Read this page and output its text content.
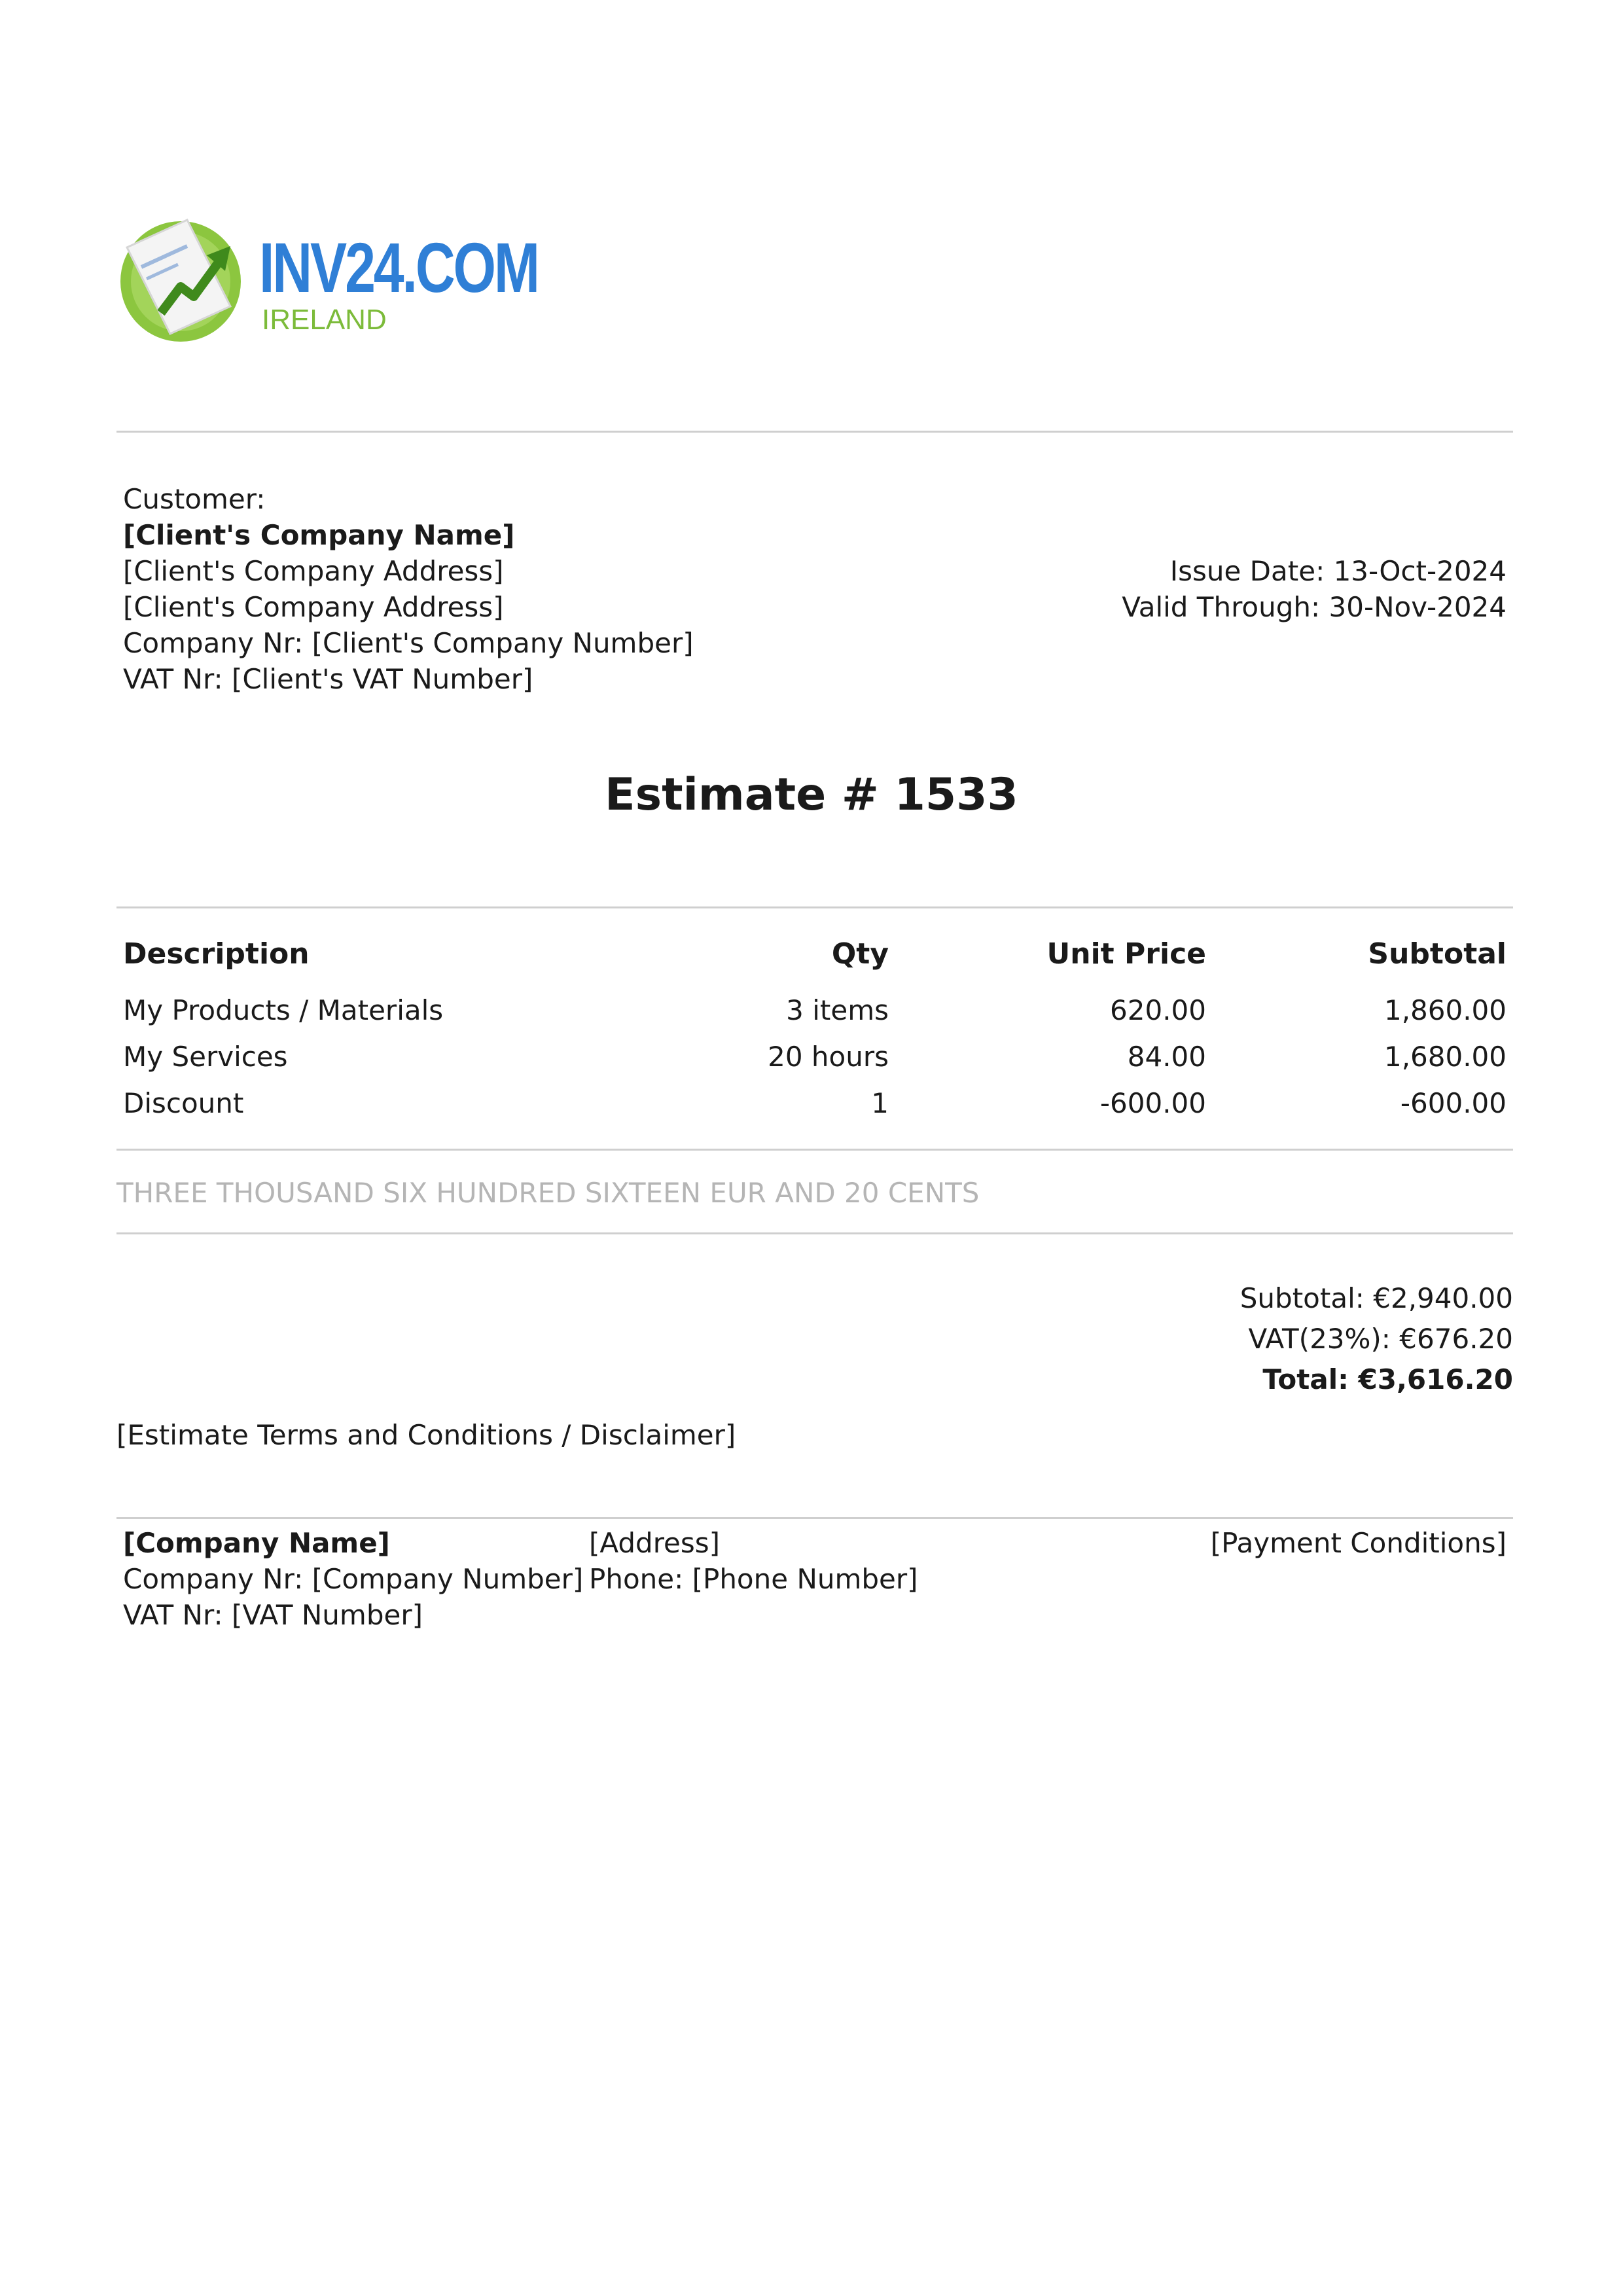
INV24.COM
IRELAND
Customer:
[Client's Company Name]
[Client's Company Address]
[Client's Company Address]
Company Nr: [Client's Company Number]
VAT Nr: [Client's VAT Number]
Issue Date: 13-Oct-2024
Valid Through: 30-Nov-2024
Estimate # 1533
Description	Qty	Unit Price	Subtotal
My Products / Materials	3 items	620.00	1,860.00
My Services	20 hours	84.00	1,680.00
Discount	1	-600.00	-600.00
THREE THOUSAND SIX HUNDRED SIXTEEN EUR AND 20 CENTS
Subtotal: €2,940.00
VAT(23%): €676.20
Total: €3,616.20
[Estimate Terms and Conditions / Disclaimer]
[Company Name]
Company Nr: [Company Number]
VAT Nr: [VAT Number]
[Address]
Phone: [Phone Number]
[Payment Conditions]
